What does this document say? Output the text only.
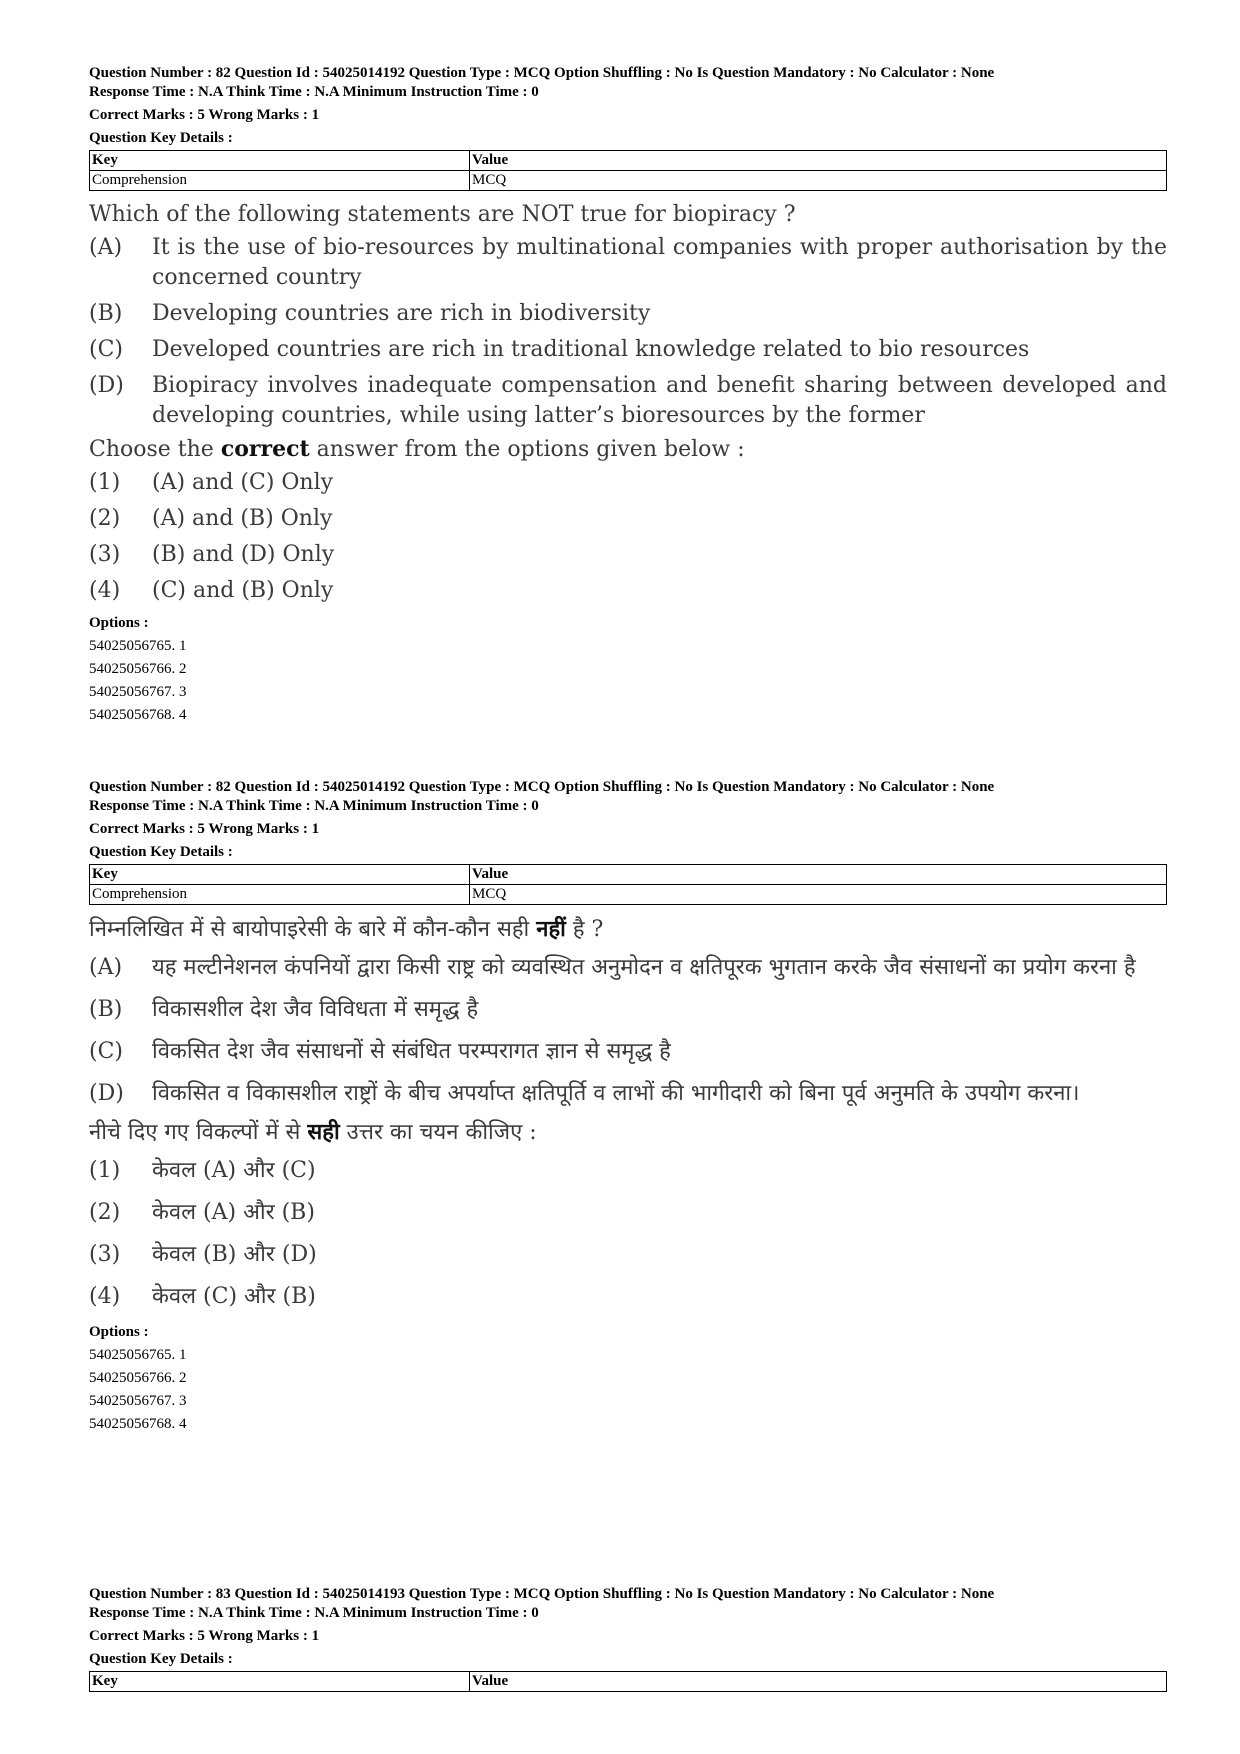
Question Number : 82 Question Id : 54025014192 Question Type : MCQ Option Shuffling : No Is Question Mandatory : No Calculator : None
Response Time : N.A Think Time : N.A Minimum Instruction Time : 0
Correct Marks : 5 Wrong Marks : 1
Question Key Details :
Key	Value
Comprehension	MCQ

Which of the following statements are NOT true for biopiracy ?

(A)	It is the use of bio-resources by multinational companies with proper authorisation by the concerned country
(B)	Developing countries are rich in biodiversity
(C)	Developed countries are rich in traditional knowledge related to bio resources
(D)	Biopiracy involves inadequate compensation and benefit sharing between developed and developing countries, while using latter’s bioresources by the former

Choose the correct answer from the options given below :

(1)	(A) and (C) Only
(2)	(A) and (B) Only
(3)	(B) and (D) Only
(4)	(C) and (B) Only
Options :
54025056765. 1
54025056766. 2
54025056767. 3
54025056768. 4
Question Number : 82 Question Id : 54025014192 Question Type : MCQ Option Shuffling : No Is Question Mandatory : No Calculator : None
Response Time : N.A Think Time : N.A Minimum Instruction Time : 0
Correct Marks : 5 Wrong Marks : 1
Question Key Details :
Key	Value
Comprehension	MCQ

निम्नलिखित में से बायोपाइरेसी के बारे में कौन-कौन सही नहीं है ?

(A)	यह मल्टीनेशनल कंपनियों द्वारा किसी राष्ट्र को व्यवस्थित अनुमोदन व क्षतिपूरक भुगतान करके जैव संसाधनों का प्रयोग करना है
(B)	विकासशील देश जैव विविधता में समृद्ध है
(C)	विकसित देश जैव संसाधनों से संबंधित परम्परागत ज्ञान से समृद्ध है
(D)	विकसित व विकासशील राष्ट्रों के बीच अपर्याप्त क्षतिपूर्ति व लाभों की भागीदारी को बिना पूर्व अनुमति के उपयोग करना।

नीचे दिए गए विकल्पों में से सही उत्तर का चयन कीजिए :

(1)	केवल (A) और (C)
(2)	केवल (A) और (B)
(3)	केवल (B) और (D)
(4)	केवल (C) और (B)
Options :
54025056765. 1
54025056766. 2
54025056767. 3
54025056768. 4
Question Number : 83 Question Id : 54025014193 Question Type : MCQ Option Shuffling : No Is Question Mandatory : No Calculator : None
Response Time : N.A Think Time : N.A Minimum Instruction Time : 0
Correct Marks : 5 Wrong Marks : 1
Question Key Details :
Key	Value
